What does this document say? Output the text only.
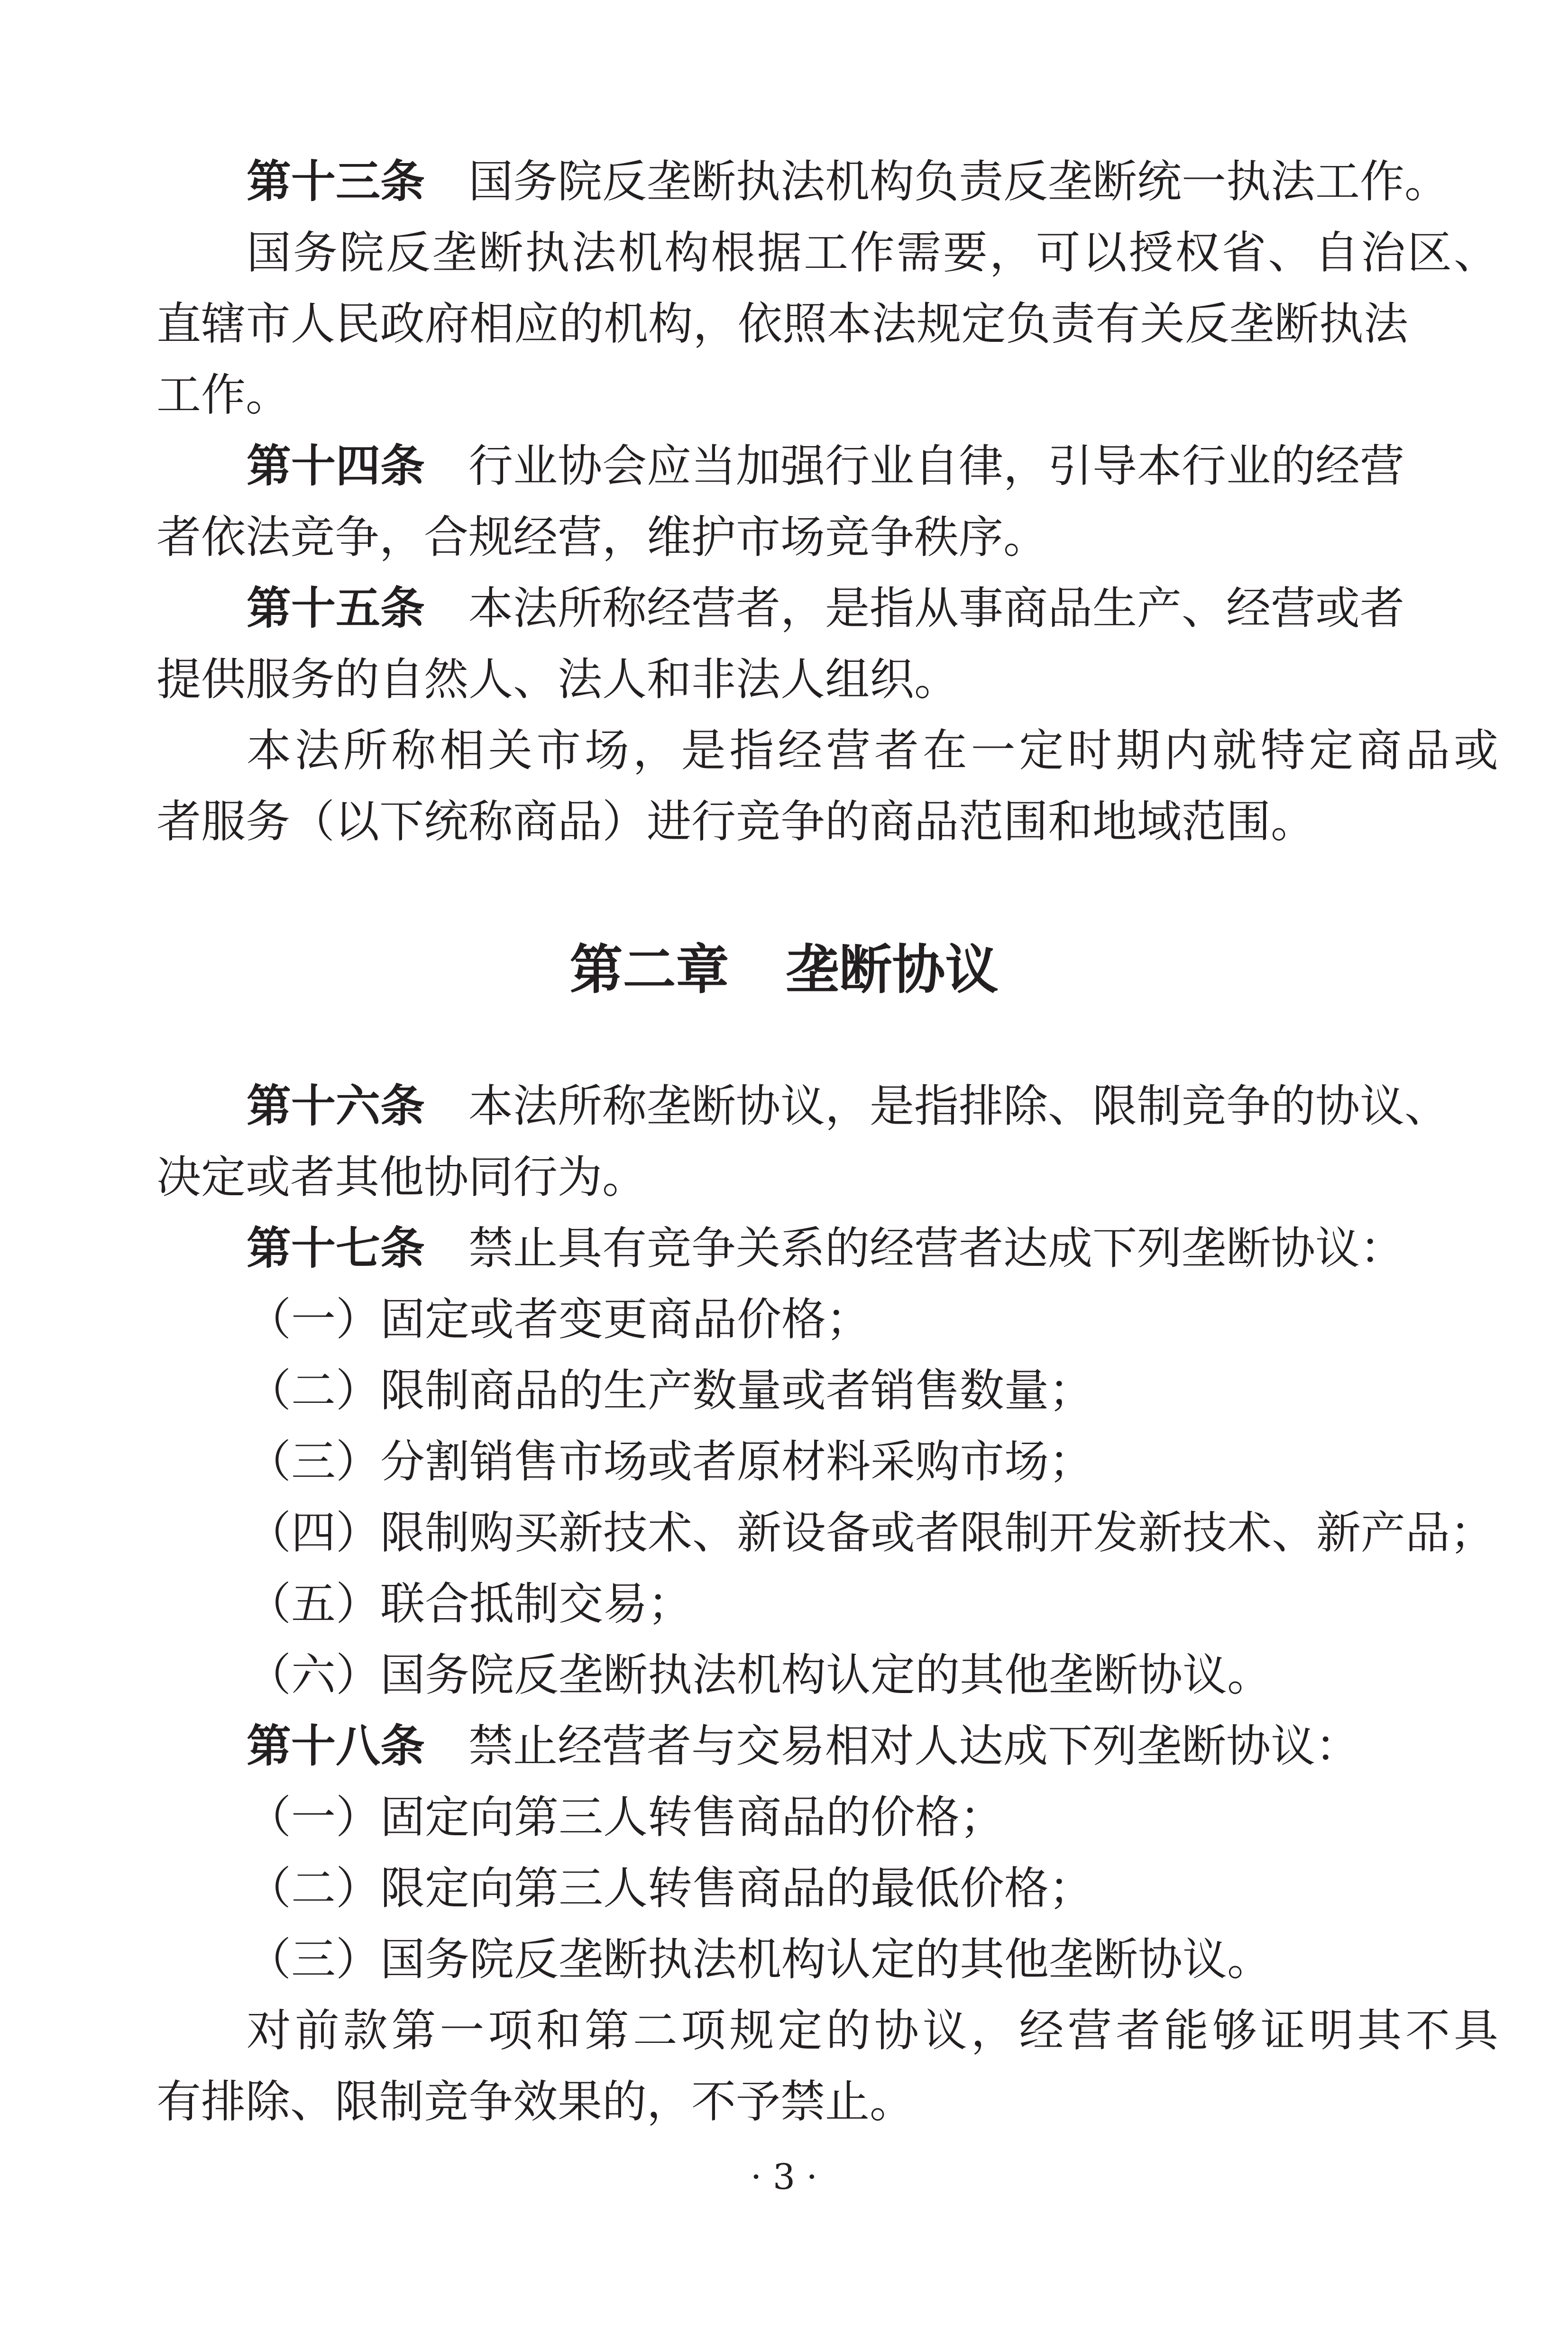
第十三条 国务院反垄断执法机构负责反垄断统一执法工作。
国务院反垄断执法机构根据工作需要，可以授权省、自治区、
直辖市人民政府相应的机构，依照本法规定负责有关反垄断执法
工作。
第十四条 行业协会应当加强行业自律，引导本行业的经营
者依法竞争，合规经营，维护市场竞争秩序。
第十五条 本法所称经营者，是指从事商品生产、经营或者
提供服务的自然人、法人和非法人组织。
本法所称相关市场，是指经营者在一定时期内就特定商品或
者服务（以下统称商品）进行竞争的商品范围和地域范围。
第二章 垄断协议
第十六条 本法所称垄断协议，是指排除、限制竞争的协议、
决定或者其他协同行为。
第十七条 禁止具有竞争关系的经营者达成下列垄断协议：
（一）固定或者变更商品价格；
（二）限制商品的生产数量或者销售数量；
（三）分割销售市场或者原材料采购市场；
（四）限制购买新技术、新设备或者限制开发新技术、新产品；
（五）联合抵制交易；
（六）国务院反垄断执法机构认定的其他垄断协议。
第十八条 禁止经营者与交易相对人达成下列垄断协议：
（一）固定向第三人转售商品的价格；
（二）限定向第三人转售商品的最低价格；
（三）国务院反垄断执法机构认定的其他垄断协议。
对前款第一项和第二项规定的协议，经营者能够证明其不具
有排除、限制竞争效果的，不予禁止。
· 3 ·
